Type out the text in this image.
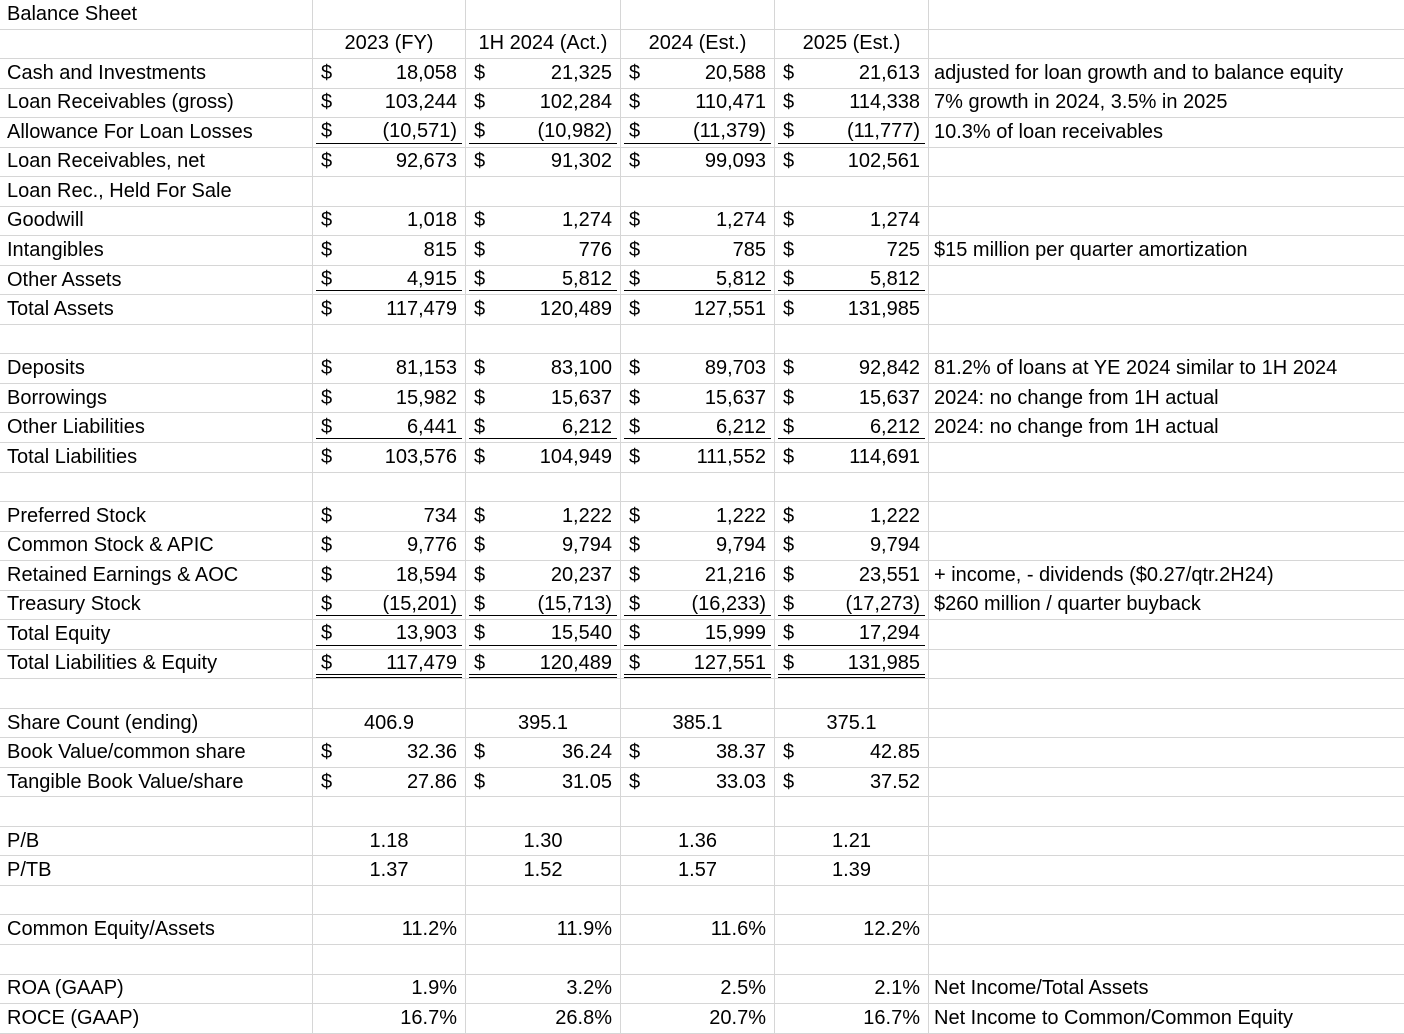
Balance Sheet
2023 (FY)	1H 2024 (Act.)	2024 (Est.)	2025 (Est.)
Cash and Investments	$	18,058 $	21,325 $	20,588 $	21,613 adjusted for loan growth and to balance equity
Loan Receivables (gross)	$	103,244 $	102,284 $	110,471 $	114,338 7% growth in 2024, 3.5% in 2025
Allowance For Loan Losses	$	(10,571) $	(10,982) $	(11,379) $	(11,777) 10.3% of loan receivables
Loan Receivables, net	$	92,673 $	91,302 $	99,093 $	102,561
Loan Rec., Held For Sale
Goodwill	$	1,018 $	1,274 $	1,274 $	1,274
Intangibles	$	815 $	776 $	785 $	725 $15 million per quarter amortization
Other Assets	$	4,915 $	5,812 $	5,812 $	5,812
Total Assets	$	117,479 $	120,489 $	127,551 $	131,985
Deposits	$	81,153 $	83,100 $	89,703 $	92,842 81.2% of loans at YE 2024 similar to 1H 2024
Borrowings	$	15,982 $	15,637 $	15,637 $	15,637 2024: no change from 1H actual
Other Liabilities	$	6,441 $	6,212 $	6,212 $	6,212 2024: no change from 1H actual
Total Liabilities	$	103,576 $	104,949 $	111,552 $	114,691
Preferred Stock	$	734 $	1,222 $	1,222 $	1,222
Common Stock & APIC	$	9,776 $	9,794 $	9,794 $	9,794
Retained Earnings & AOC	$	18,594 $	20,237 $	21,216 $	23,551 + income, - dividends ($0.27/qtr.2H24)
Treasury Stock	$	(15,201) $	(15,713) $	(16,233) $	(17,273) $260 million / quarter buyback
Total Equity	$	13,903 $	15,540 $	15,999 $	17,294
Total Liabilities & Equity	$	117,479 $	120,489 $	127,551 $	131,985
Share Count (ending)	406.9	395.1	385.1	375.1
Book Value/common share	$	32.36 $	36.24 $	38.37 $	42.85
Tangible Book Value/share	$	27.86 $	31.05 $	33.03 $	37.52
P/B	1.18	1.30	1.36	1.21
P/TB	1.37	1.52	1.57	1.39
Common Equity/Assets	11.2%	11.9%	11.6%	12.2%
ROA (GAAP)	1.9%	3.2%	2.5%	2.1% Net Income/Total Assets
ROCE (GAAP)	16.7%	26.8%	20.7%	16.7% Net Income to Common/Common Equity
